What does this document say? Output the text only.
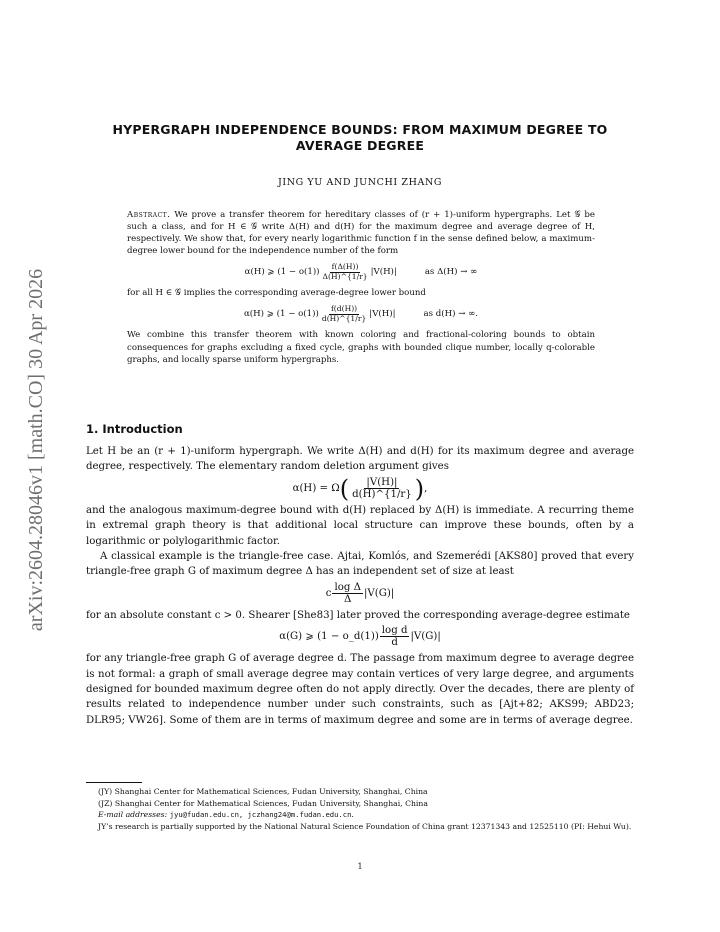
arXiv:2604.28046v1 [math.CO] 30 Apr 2026
HYPERGRAPH INDEPENDENCE BOUNDS: FROM MAXIMUM DEGREE TO
AVERAGE DEGREE
JING YU AND JUNCHI ZHANG

Abstract. We prove a transfer theorem for hereditary classes of (r + 1)-uniform hypergraphs. Let 𝒢 be such a class, and for H ∈ 𝒢 write Δ(H) and d(H) for the maximum degree and average degree of H, respectively. We show that, for every nearly logarithmic function f in the sense defined below, a maximum-degree lower bound for the independence number of the form

α(H) ⩾ $(1 - o(1)) \frac{f(\Delta(H))}{\Delta(H)\^{}\{1/r\}} |V(H)|$	as Δ(H) → ∞

for all H ∈ 𝒢 implies the corresponding average-degree lower bound

α(H) ⩾ $(1 - o(1)) \frac{f(d(H))}{d(H)\^{}\{1/r\}} |V(H)|$	as d(H) → ∞.

We combine this transfer theorem with known coloring and fractional-coloring bounds to obtain consequences for graphs excluding a fixed cycle, graphs with bounded clique number, locally q-colorable graphs, and locally sparse uniform hypergraphs.

1. Introduction

Let H be an (r + 1)-uniform hypergraph. We write Δ(H) and d(H) for its maximum degree and average degree, respectively. The elementary random deletion argument gives

α(H) = Ω ( $\frac{|V(H)|}{d(H)\^{}\{1/r\}}$ ) ,

and the analogous maximum-degree bound with d(H) replaced by Δ(H) is immediate. A recurring theme in extremal graph theory is that additional local structure can improve these bounds, often by a logarithmic or polylogarithmic factor.

A classical example is the triangle-free case. Ajtai, Komlós, and Szemerédi [AKS80] proved that every triangle-free graph G of maximum degree Δ has an independent set of size at least

c $\frac{\text{log Δ}}{\Delta} |V(G)|$

for an absolute constant c > 0. Shearer [She83] later proved the corresponding average-degree estimate

α(G) ⩾ (1 − o_d(1)) $\frac{\text{log d}}{d} |V(G)|$

for any triangle-free graph G of average degree d. The passage from maximum degree to average degree is not formal: a graph of small average degree may contain vertices of very large degree, and arguments designed for bounded maximum degree often do not apply directly. Over the decades, there are plenty of results related to independence number under such constraints, such as [Ajt+82; AKS99; ABD23; DLR95; VW26]. Some of them are in terms of maximum degree and some are in terms of average degree.

(JY) Shanghai Center for Mathematical Sciences, Fudan University, Shanghai, China

(JZ) Shanghai Center for Mathematical Sciences, Fudan University, Shanghai, China

E-mail addresses: jyu@fudan.edu.cn, jczhang24@m.fudan.edu.cn.

JY’s research is partially supported by the National Natural Science Foundation of China grant 12371343 and 12525110 (PI: Hehui Wu).

1
